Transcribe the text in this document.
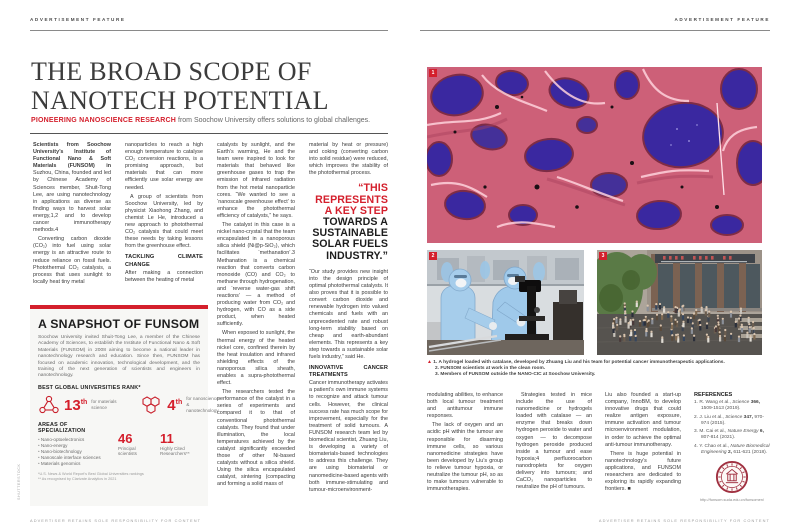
ADVERTISEMENT FEATURE	ADVERTISEMENT FEATURE
THE BROAD SCOPE OF
NANOTECH POTENTIAL
PIONEERING NANOSCIENCE RESEARCH from Soochow University offers solutions to global challenges.

Scientists from Soochow University’s Institute of Functional Nano & Soft Materials (FUNSOM) in Suzhou, China, founded and led by Chinese Academy of Sciences member, Shuit-Tong Lee, are using nanotechnology in applications as diverse as finding ways to harvest solar energy,1,2 and to develop cancer immunotherapy methods.4

Converting carbon dioxide (CO₂) into fuel using solar energy is an attractive route to reduce reliance on fossil fuels. Photothermal CO₂ catalysis, a process that uses sunlight to locally heat tiny metal

nanoparticles to reach a high enough temperature to catalyse CO₂ conversion reactions, is a promising approach, but materials that can more efficiently use solar energy are needed.

A group of scientists from Soochow University, led by physicist Xiaohong Zhang, and chemist Le He, introduced a new approach to photothermal CO₂ catalysis that could meet these needs by taking lessons from the greenhouse effect.

TACKLING CLIMATE CHANGE

After making a connection between the heating of metal

catalysts by sunlight, and the Earth’s warming, He and the team were inspired to look for materials that behaved like greenhouse gases to trap the emission of infrared radiation from the hot metal nanoparticle cores. “We wanted to see a ‘nanoscale greenhouse effect’ to enhance the photothermal efficiency of catalysts,” he says.

The catalyst in this case is a nickel nano-crystal that the team encapsulated in a nanoporous silica shield (Ni@p-SiO₂), which facilitates ‘methanation’.3 Methanation is a chemical reaction that converts carbon monoxide (CO) and CO₂ to methane through hydrogenation, and ‘reverse water-gas shift reactions’ — a method of producing water from CO₂ and hydrogen, with CO as a side product, when heated sufficiently.

When exposed to sunlight, the thermal energy of the heated nickel core, confined therein by the heat insulation and infrared shielding effects of the nanoporous silica sheath, enables a supra-photothermal effect.

The researchers tested the performance of the catalyst in a series of experiments and compared it to that of conventional photothermal catalysts. They found that under illumination, the local temperatures achieved by the catalyst significantly exceeded those of other Ni-based catalysts without a silica shield. Using the silica encapsulated catalyst, sintering (compacting and forming a solid mass of

material by heat or pressure) and coking (converting carbon into solid residue) were reduced, which improves the stability of the photothermal process.

“THIS REPRESENTS A KEY STEP
TOWARDS A SUSTAINABLE SOLAR FUELS INDUSTRY.”

“Our study provides new insight into the design principle of optimal photothermal catalysts. It also proves that it is possible to convert carbon dioxide and renewable hydrogen into valued chemicals and fuels with an unprecedented rate and robust long-term stability based on cheap and earth-abundant elements. This represents a key step towards a sustainable solar fuels industry,” said He.

INNOVATIVE CANCER TREATMENTS

Cancer immunotherapy activates a patient’s own immune systems to recognize and attack tumour cells. However, the clinical success rate has much scope for improvement, especially for the treatment of solid tumours. A FUNSOM research team led by biomedical scientist, Zhuang Liu, is developing a variety of biomaterials-based technologies to address this challenge. They are using biomaterial or nanomedicine-based agents with both immune-stimulating and tumour-microenvironment-

A SNAPSHOT OF FUNSOM

Soochow University invited Shuit-Tong Lee, a member of the Chinese Academy of Sciences, to establish the Institute of Functional Nano & Soft Materials (FUNSOM) in 2008 aiming to become a national leader in nanotechnology research and education. Since then, FUNSOM has focused on academic innovation, technological development, and the training of the next generation of scientists and engineers in nanotechnology.

BEST GLOBAL UNIVERSITIES RANK*
13th for materials science	4th
for nanoscience & nanotechnology
AREAS OF SPECIALIZATION
• Nano-optoelectronics
• Nano-energy
• Nano-biotechnology
• Nanoscale interface sciences
• Materials genomics
46
Principal scientists
11
Highly Cited Researchers**
*U.S. News & World Report’s Best Global Universities rankings
** As recognised by Clarivate Analytics in 2021
SHUTTERSTOCK
1
2	3
▲ 1. A hydrogel loaded with catalase, developed by Zhuang Liu and his team for potential cancer immunotherapeutic applications.
2. FUNSOM scientists at work in the clean room.
3. Members of FUNSOM outside the NANO-CIC at Soochow University.

modulating abilities, to enhance both local tumour treatment and antitumour immune responses.

The lack of oxygen and an acidic pH within the tumour are responsible for disarming immune cells, so various nanomedicine strategies have been developed by Liu’s group to relieve tumour hypoxia, or neutralize the tumour pH, so as to make tumours vulnerable to immunotherapies.

Strategies tested in mice include the use of nanomedicine or hydrogels loaded with catalase — an enzyme that breaks down hydrogen peroxide to water and oxygen — to decompose hydrogen peroxide produced inside a tumour and ease hypoxia;4 perfluorocarbon nanodroplets for oxygen delivery into tumours; and CaCO₃ nanoparticles to neutralize the pH of tumours.

Liu also founded a start-up company, InnoBM, to develop innovative drugs that could realize antigen exposure, immune activation and tumour microenvironment modulation, in order to achieve the optimal anti-tumour immunotherapy.

There is huge potential in nanotechnology’s future applications, and FUNSOM researchers are dedicated to exploring its rapidly expanding frontiers. ■

REFERENCES
1. R. Wang et al., Science 366, 1509-1513 (2019).
2. J. Liu et al., Science 347, 970-974 (2015).
3. M. Cai et al., Nature Energy 6, 807-814 (2021).
4. Y. Chao et al., Nature Biomedical Engineering 2, 611-621 (2018).
http://funsom.suda.edu.cn/funsomen/
ADVERTISER RETAINS SOLE RESPONSIBILITY FOR CONTENT	ADVERTISER RETAINS SOLE RESPONSIBILITY FOR CONTENT
